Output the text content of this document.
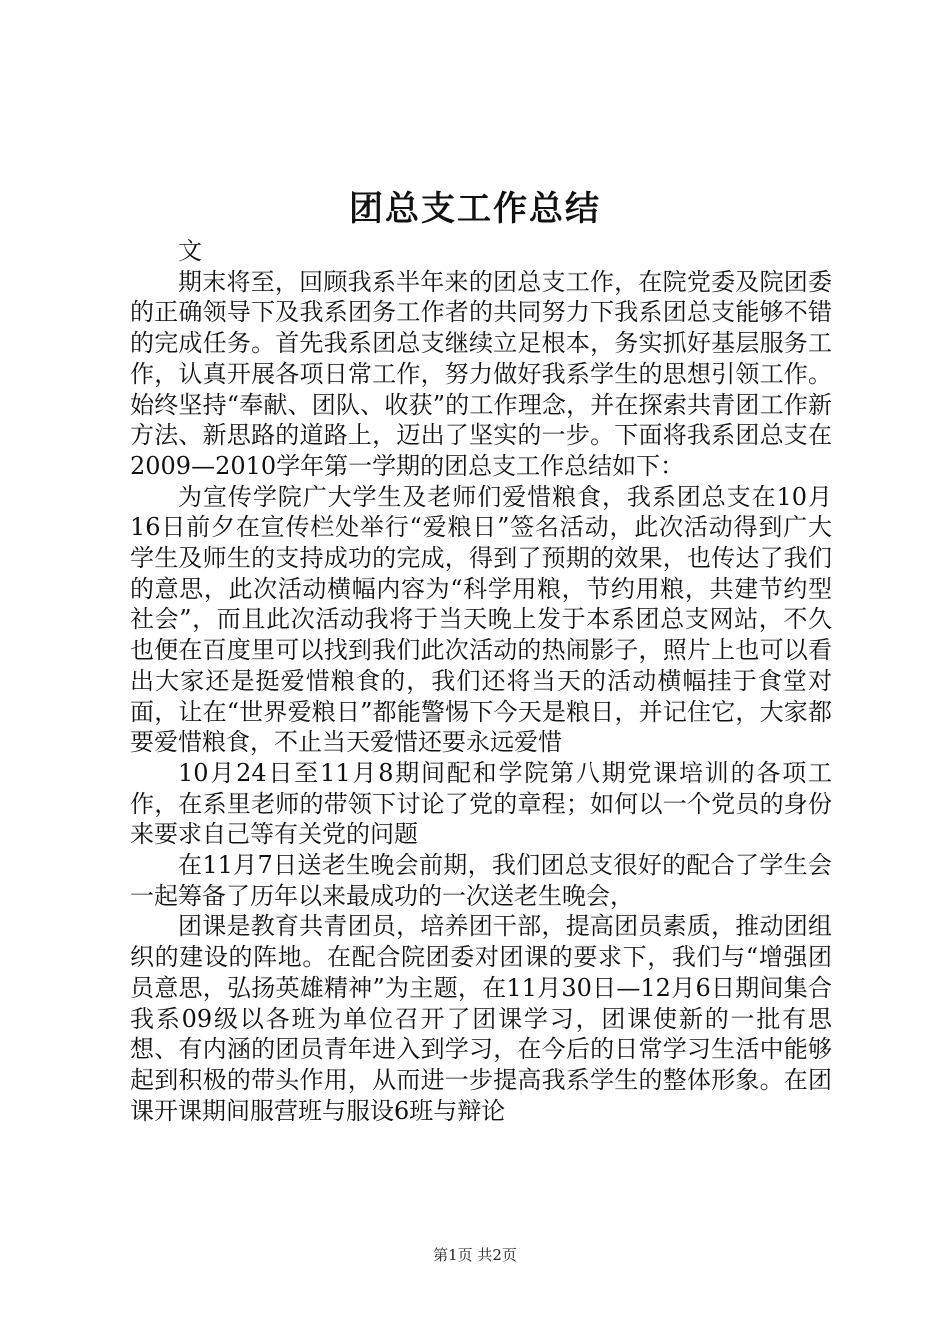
团总支工作总结

文

期末将至，回顾我系半年来的团总支工作，在院党委及院团委的正确领导下及我系团务工作者的共同努力下我系团总支能够不错的完成任务。首先我系团总支继续立足根本，务实抓好基层服务工作，认真开展各项日常工作，努力做好我系学生的思想引领工作。始终坚持“奉献、团队、收获”的工作理念，并在探索共青团工作新方法、新思路的道路上，迈出了坚实的一步。下面将我系团总支在2009—2010学年第一学期的团总支工作总结如下：

为宣传学院广大学生及老师们爱惜粮食，我系团总支在10月16日前夕在宣传栏处举行“爱粮日”签名活动，此次活动得到广大学生及师生的支持成功的完成，得到了预期的效果，也传达了我们的意思，此次活动横幅内容为“科学用粮，节约用粮，共建节约型社会”，而且此次活动我将于当天晚上发于本系团总支网站，不久也便在百度里可以找到我们此次活动的热闹影子，照片上也可以看出大家还是挺爱惜粮食的，我们还将当天的活动横幅挂于食堂对面，让在“世界爱粮日”都能警惕下今天是粮日，并记住它，大家都要爱惜粮食，不止当天爱惜还要永远爱惜

10月24日至11月8期间配和学院第八期党课培训的各项工作，在系里老师的带领下讨论了党的章程；如何以一个党员的身份来要求自己等有关党的问题

在11月7日送老生晚会前期，我们团总支很好的配合了学生会一起筹备了历年以来最成功的一次送老生晚会，

团课是教育共青团员，培养团干部，提高团员素质，推动团组织的建设的阵地。在配合院团委对团课的要求下，我们与“增强团员意思，弘扬英雄精神”为主题，在11月30日—12月6日期间集合我系09级以各班为单位召开了团课学习，团课使新的一批有思想、有内涵的团员青年进入到学习，在今后的日常学习生活中能够起到积极的带头作用，从而进一步提高我系学生的整体形象。在团课开课期间服营班与服设6班与辩论

第1页 共2页
